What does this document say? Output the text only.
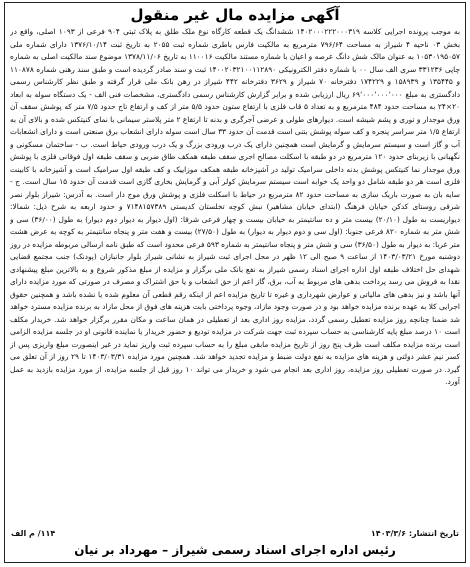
آگهی مزایده مال غیر منقول
به موجب پرونده اجرایی کلاسه ۱۴۰۲۰۰۰۲۲۲۰۰۰۳۱۹ ششدانگ یک قطعه کارگاه نوع ملک طلق به پلاک ثبتی ۹۰۴ فرعی از ۱۰۹۳ اصلی، واقع در بخش ۰۳ ناحیه ۴ شیراز به مساحت ۷۹۶/۶۴ مترمربع به مالکیت فارس باطری شماره ثبت ۲۰۵۵ به تاریخ ثبت ۱۳۷۶/۱۰/۱۴ دارای شماره ملی ۱۰۵۳۰۱۹۵۰۵۷ به عنوان مالک شش دانگ عرصه و اعیان با شماره مستند مالکیت ۱۱۰۰۱۶ به تاریخ ۱۳۷۸/۱۱/۰۶ موضوع سند مالکیت اصلی به شماره چاپی ۳۳۱۲۳۶ سری الف سال ۰۰ با شماره دفتر الکترونیکی ۱۴۰۰۲۰۳۲۱۰۰۱۱۲۸۹۰ ثبت و سند صادر گردیده است و طبق سند رهنی شماره ۱۱۰۸۷۸ و ۱۳۵۴۴۵ و ۱۵۸۹۳۹ و ۱۷۴۲۲۹ دفترخانه ۷۰ شیراز و ۳۶۲۹ دفترخانه ۴۴۲ شیراز در رهن بانک ملی قرار گرفته و طبق نظر کارشناس رسمی دادگستری به مبلغ ۶۹٬۰۰۰٬۰۰۰٬۰۰۰ ریال ارزیابی شده و برابر گزارش کارشناس رسمی دادگستری، مشخصات فنی الف - یک دستگاه سوله به ابعاد ۲۰×۲۴ به مساحت حدود ۴۸۴ مترمربع و به تعداد ۵ قاب فلزی با ارتفاع ستون حدود ۵/۵ متر از کف و ارتفاع تاج حدود ۷/۵ متر که پوشش سقف آن ورق موجدار و توری و پشم شیشه است. دیوارهای طولی و عرضی آجرگری و بدنه تا ارتفاع ۲ متر پلاستر سیمانی با نمای کنیتکس شده و بالای آن به ارتفاع ۱/۵ متر سراسر پنجره و کف سوله پوشش بتنی است قدمت آن حدود ۳۳ سال است سوله دارای انشعاب برق صنعتی است و دارای انشعابات آب و گاز است و سیستم سرمایش و گرمایش است همچنین دارای یک درب ورودی بزرگ و یک درب ورودی حیاط است. ب - ساختمان مسکونی و نگهبانی با زیربنای حدود ۱۲۰ مترمربع در دو طبقه با اسکلت مصالح اجری سقف طبقه همکف طاق ضربی و سقف طبقه اول فوقانی فلزی با پوشش ورق موجدار نما کنیتکس پوشش بدنه داخلی سرامیک تولید در آشپزخانه طبقه همکف موزاییک و کف طبقه اول سرامیک است و آشپزخانه با کابینت فلزی است هر دو طبقه شامل دو واحد یک خوابه است سیستم سرمایش کولر آبی و گرمایش بخاری گازی است قدمت آن حدود ۱۵ سال است. ج - سایه بان به صورت باریک سازی به مساحت حدود ۸۲ مترمربع در حیاط با اسکلت فلزی و پوشش ورق موج دار است. به آدرس: شیراز بلوار نصر شرقی روستای کدکن خیابان فرهنگ (ابتدای خیابان مشاهیر) نبش کوچه تخلستان کدیستی ۷۱۴۸۱۵۷۳۸۹ و حدود اربعه به شرح ذیل: شمالا: دیواریست به طول (۲۰/۱۰) بیست متر و ده سانتیمتر به خیابان بیست و چهار فرعی شرقا: (اول دیوار به دیوار دوم دیوار) به طول (۳۶/۰۰) سی و شش متر به شماره ۸۲۰ فرعی جنوبا: (اول سی و دوم دیوار به دیوار) به طول (۲۷/۵۰) بیست و هفت متر و پنجاه سانتیمتر به کوچه به عرض هشت متر غربا: به دیوار به طول (۳۶/۵۰) سی و شش متر و پنجاه سانتیمتر به شماره ۵۹۳ فرعی محدود است که طبق نامه ارسالی مربوطه مزایده در روز دوشنبه مورخ ۱۴۰۳/۰۳/۲۱ از ساعت ۹ صبح الی ۱۲ ظهر در محل اجرای ثبت شیراز به نشانی شیراز بلوار جانبازان (پودنک) جنب مجتمع قضایی شهدای حل اختلاف طبقه اول اداره اجرای اسناد رسمی شیراز به نفع بانک ملی برگزار و مزایده از مبلغ مذکور شروع و به بالاترین مبلغ پیشنهادی نقدا به فروش می رسد پرداخت بدهی های مربوط به آب، برق، گاز اعم از حق انشعاب و یا حق اشتراک و مصرف در صورتی که مورد مزایده دارای آنها باشد و نیز بدهی های مالیاتی و عوارض شهرداری و غیره تا تاریخ مزایده اعم از اینکه رقم قطعی آن معلوم شده یا نشده باشد و همچنین حقوق اجرایی کلا به عهده برنده مزایده خواهد بود و در صورت وجود مازاد، وجوه پرداختی بابت هزینه های فوق از محل مازاد به برنده مزایده مسترد خواهد شد ضمنا چنانچه روز مزایده تعطیل رسمی گردد، مزایده روز اداری بعد از تعطیلی در همان ساعت و مکان مقرر برگزار خواهد شد. خریدار مکلف است ۱۰ درصد مبلغ پایه کارشناسی به حساب سپرده ثبت جهت شرکت در مزایده تودیع و حضور خریدار یا نماینده قانونی او در جلسه مزایده الزامی است برنده مزایده مکلف است ظرف پنج روز از تاریخ مزایده مابقی مبلغ را به حساب سپرده ثبت واریز نماید در غیر اینصورت مبلغ واریزی پس از کسر نیم عشر دولتی و هزینه های مزایده به نفع دولت ضبط و مزایده تجدید خواهد شد. همچنین مورد مزایده ۱۴۰۳/۰۳/۳۱ تا ۲۹ روز از آن تعلق می گیرد. در صورت تعطیلی روز مزایده، روز اداری بعد انجام می شود و خریدار می تواند ۱۰ روز قبل از جلسه مزایده، از مورد مزایده بازدید به عمل آورد.
تاریخ انتشار: ۱۴۰۳/۳/۶
۱۱۴/ م الف
رئیس اداره اجرای اسناد رسمی شیراز – مهرداد بر نیان
